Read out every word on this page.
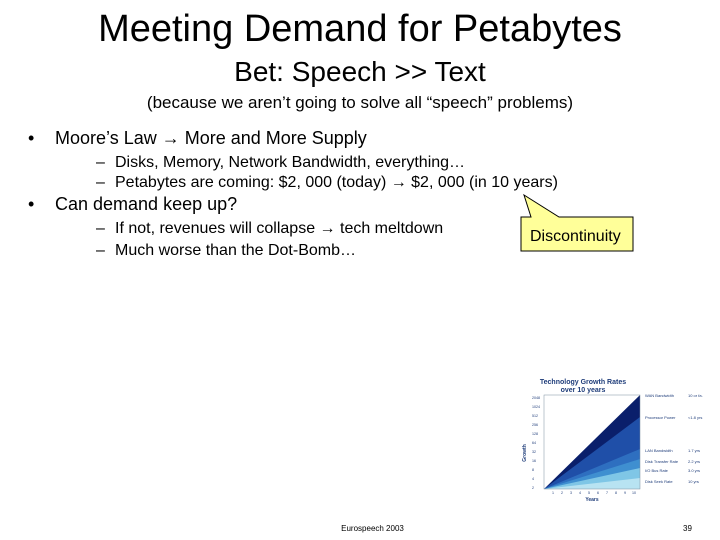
Meeting Demand for Petabytes
Bet: Speech >> Text
(because we aren’t going to solve all “speech” problems)
• Moore’s Law → More and More Supply
– Disks, Memory, Network Bandwidth, everything…
– Petabytes are coming: $2, 000 (today) → $2, 000 (in 10 years)
• Can demand keep up?
– If not, revenues will collapse → tech meltdown
– Much worse than the Dot-Bomb…
Discontinuity
Technology Growth Rates
over 10 years
2048
1024
512
256
128
64
32
16
8
4
2
Growth
1 2 3 4 5 6 7 8 9 10
Years
WAN Bandwidth	10 or fa.
Processor Power	<1.8 yrs
LAN Bandwidth	1.7 yrs
Disk Transfer Rate 2.2 yrs
I/O Bus Rate	3.0 yrs
Disk Seek Rate	10 yrs
Eurospeech 2003	39
